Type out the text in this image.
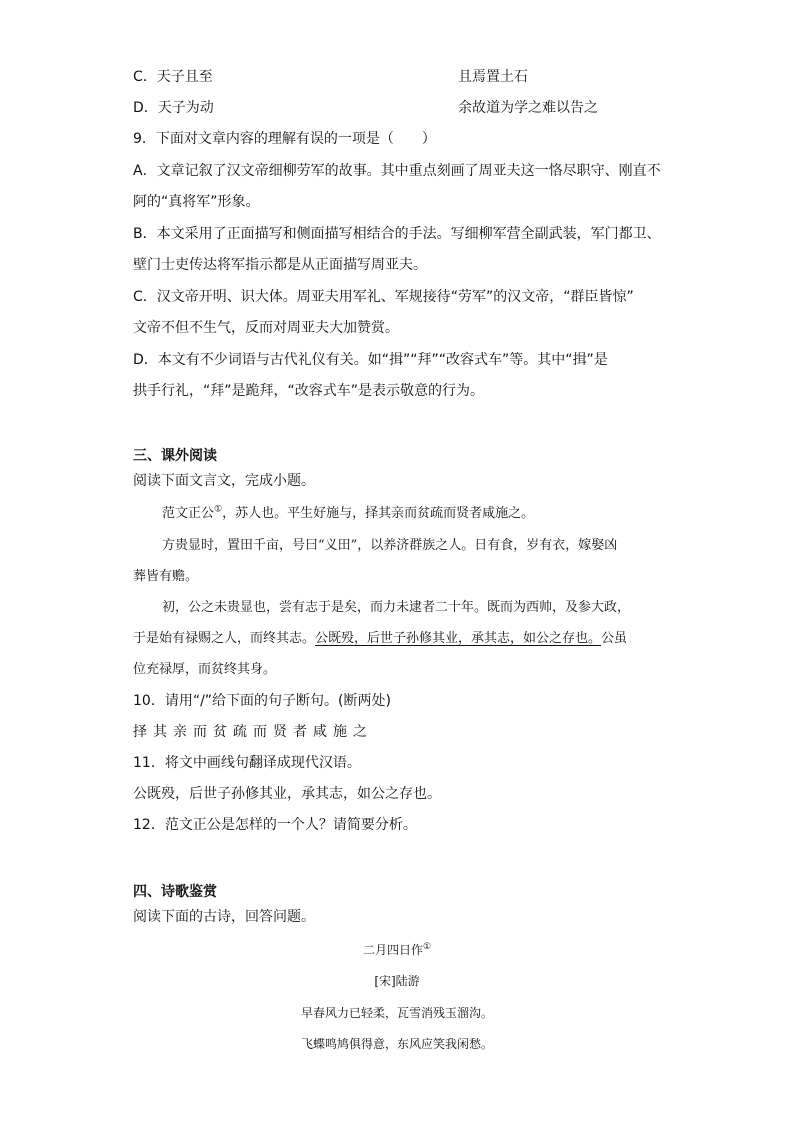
C．天子且至	且焉置土石
D．天子为动	余故道为学之难以告之
9．下面对文章内容的理解有误的一项是（　　）
A．文章记叙了汉文帝细柳劳军的故事。其中重点刻画了周亚夫这一恪尽职守、刚直不
阿的“真将军”形象。
B．本文采用了正面描写和侧面描写相结合的手法。写细柳军营全副武装，军门都卫、
壁门士吏传达将军指示都是从正面描写周亚夫。
C．汉文帝开明、识大体。周亚夫用军礼、军规接待“劳军”的汉文帝，“群臣皆惊”
文帝不但不生气，反而对周亚夫大加赞赏。
D．本文有不少词语与古代礼仪有关。如“揖”“拜”“改容式车”等。其中“揖”是
拱手行礼，“拜”是跪拜，“改容式车”是表示敬意的行为。
三、课外阅读
阅读下面文言文，完成小题。
范文正公①，苏人也。平生好施与，择其亲而贫疏而贤者咸施之。
方贵显时，置田千亩，号曰“义田”，以养济群族之人。日有食，岁有衣，嫁娶凶
葬皆有赡。
初，公之未贵显也，尝有志于是矣，而力未逮者二十年。既而为西帅，及参大政，
于是始有禄赐之人，而终其志。公既殁，后世子孙修其业，承其志，如公之存也。公虽
位充禄厚，而贫终其身。
10．请用“/”给下面的句子断句。(断两处)
择其亲而贫疏而贤者咸施之
11．将文中画线句翻译成现代汉语。
公既殁，后世子孙修其业，承其志，如公之存也。
12．范文正公是怎样的一个人？请简要分析。
四、诗歌鉴赏
阅读下面的古诗，回答问题。
二月四日作①
[宋]陆游
早春风力已轻柔，瓦雪消残玉溜沟。
飞蝶鸣鸠俱得意，东风应笑我闲愁。
